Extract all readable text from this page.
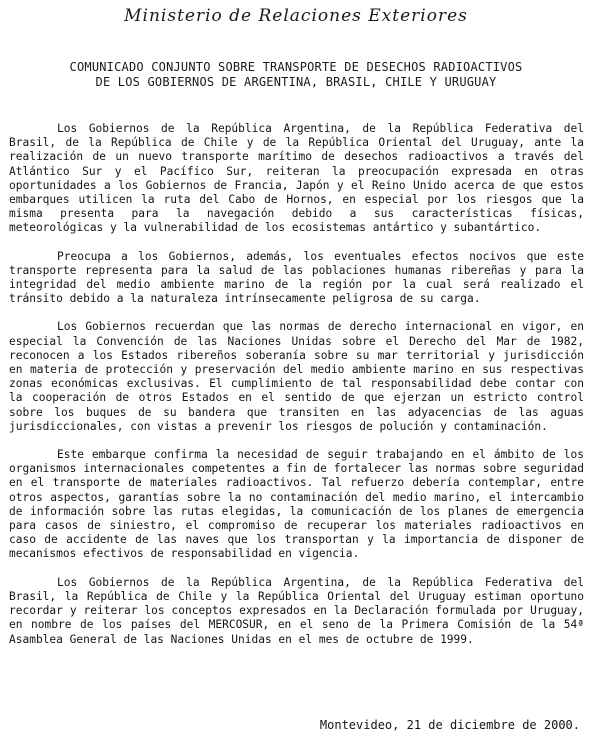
Ministerio de Relaciones Exteriores
COMUNICADO CONJUNTO SOBRE TRANSPORTE DE DESECHOS RADIOACTIVOS
DE LOS GOBIERNOS DE ARGENTINA, BRASIL, CHILE Y URUGUAY

Los Gobiernos de la República Argentina, de la República Federativa del Brasil, de la República de Chile y de la República Oriental del Uruguay, ante la realización de un nuevo transporte marítimo de desechos radioactivos a través del Atlántico Sur y el Pacífico Sur, reiteran la preocupación expresada en otras oportunidades a los Gobiernos de Francia, Japón y el Reino Unido acerca de que estos embarques utilicen la ruta del Cabo de Hornos, en especial por los riesgos que la misma presenta para la navegación debido a sus características físicas, meteorológicas y la vulnerabilidad de los ecosistemas antártico y subantártico.

Preocupa a los Gobiernos, además, los eventuales efectos nocivos que este transporte representa para la salud de las poblaciones humanas ribereñas y para la integridad del medio ambiente marino de la región por la cual será realizado el tránsito debido a la naturaleza intrínsecamente peligrosa de su carga.

Los Gobiernos recuerdan que las normas de derecho internacional en vigor, en especial la Convención de las Naciones Unidas sobre el Derecho del Mar de 1982, reconocen a los Estados ribereños soberanía sobre su mar territorial y jurisdicción en materia de protección y preservación del medio ambiente marino en sus respectivas zonas económicas exclusivas. El cumplimiento de tal responsabilidad debe contar con la cooperación de otros Estados en el sentido de que ejerzan un estricto control sobre los buques de su bandera que transiten en las adyacencias de las aguas jurisdiccionales, con vistas a prevenir los riesgos de polución y contaminación.

Este embarque confirma la necesidad de seguir trabajando en el ámbito de los organismos internacionales competentes a fin de fortalecer las normas sobre seguridad en el transporte de materiales radioactivos. Tal refuerzo debería contemplar, entre otros aspectos, garantías sobre la no contaminación del medio marino, el intercambio de información sobre las rutas elegidas, la comunicación de los planes de emergencia para casos de siniestro, el compromiso de recuperar los materiales radioactivos en caso de accidente de las naves que los transportan y la importancia de disponer de mecanismos efectivos de responsabilidad en vigencia.

Los Gobiernos de la República Argentina, de la República Federativa del Brasil, la República de Chile y la República Oriental del Uruguay estiman oportuno recordar y reiterar los conceptos expresados en la Declaración formulada por Uruguay, en nombre de los países del MERCOSUR, en el seno de la Primera Comisión de la 54ª Asamblea General de las Naciones Unidas en el mes de octubre de 1999.

Montevideo, 21 de diciembre de 2000.
